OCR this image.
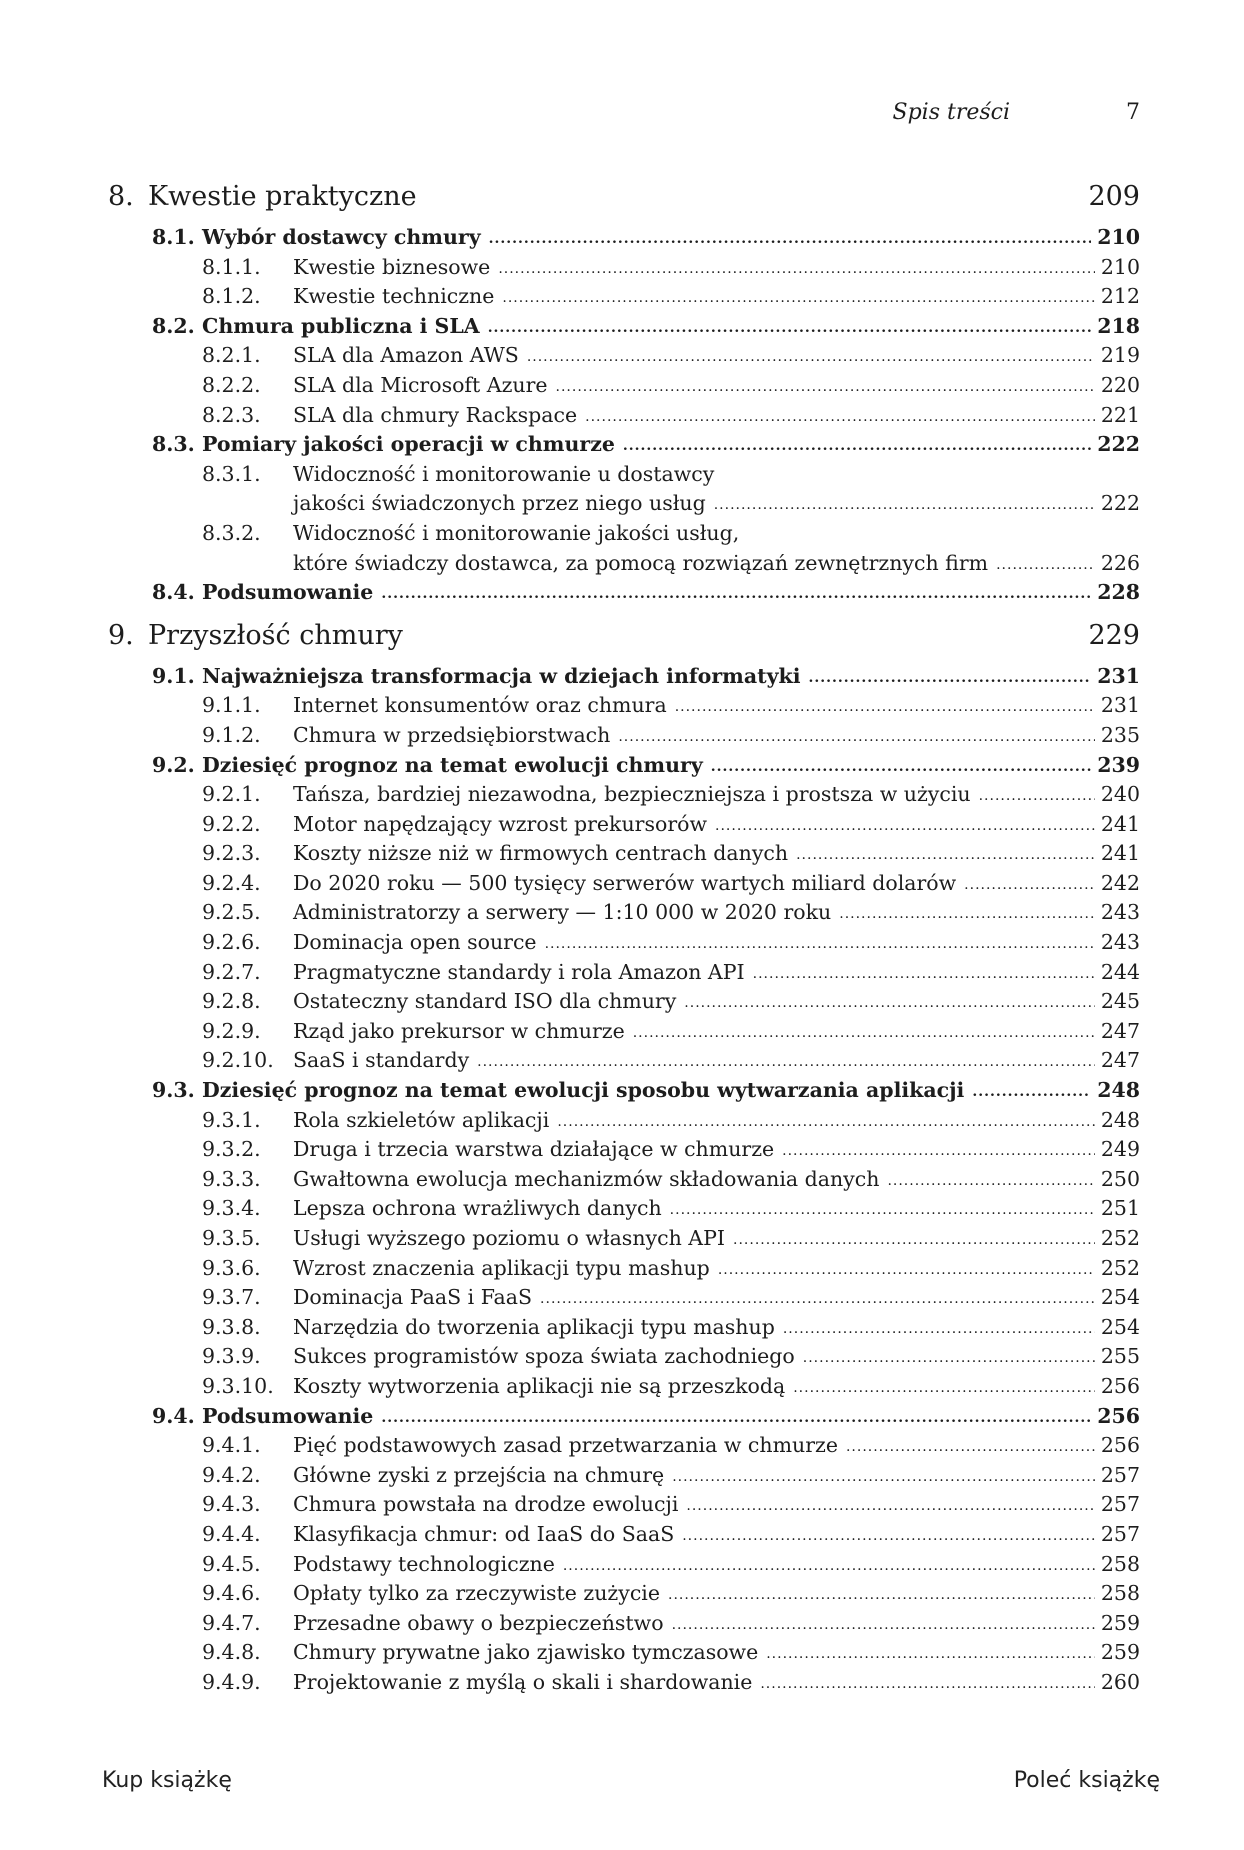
Spis treści	7
8. Kwestie praktyczne	209
8.1. Wybór dostawcy chmury .....	210
8.1.1.	Kwestie biznesowe .....	210
8.1.2.	Kwestie techniczne .....	212
8.2. Chmura publiczna i SLA .....	218
8.2.1.	SLA dla Amazon AWS .....	219
8.2.2.	SLA dla Microsoft Azure .....	220
8.2.3.	SLA dla chmury Rackspace .....	221
8.3. Pomiary jakości operacji w chmurze .....	222
8.3.1.	Widoczność i monitorowanie u dostawcy
jakości świadczonych przez niego usług .....	222
8.3.2.	Widoczność i monitorowanie jakości usług,
które świadczy dostawca, za pomocą rozwiązań zewnętrznych firm .....	226
8.4. Podsumowanie .....	228
9. Przyszłość chmury	229
9.1. Najważniejsza transformacja w dziejach informatyki .....	231
9.1.1.	Internet konsumentów oraz chmura .....	231
9.1.2.	Chmura w przedsiębiorstwach .....	235
9.2. Dziesięć prognoz na temat ewolucji chmury .....	239
9.2.1.	Tańsza, bardziej niezawodna, bezpieczniejsza i prostsza w użyciu .....	240
9.2.2.	Motor napędzający wzrost prekursorów .....	241
9.2.3.	Koszty niższe niż w firmowych centrach danych .....	241
9.2.4.	Do 2020 roku — 500 tysięcy serwerów wartych miliard dolarów .....	242
9.2.5.	Administratorzy a serwery — 1:10 000 w 2020 roku .....	243
9.2.6.	Dominacja open source .....	243
9.2.7.	Pragmatyczne standardy i rola Amazon API .....	244
9.2.8.	Ostateczny standard ISO dla chmury .....	245
9.2.9.	Rząd jako prekursor w chmurze .....	247
9.2.10. SaaS i standardy .....	247
9.3. Dziesięć prognoz na temat ewolucji sposobu wytwarzania aplikacji .....	248
9.3.1.	Rola szkieletów aplikacji .....	248
9.3.2.	Druga i trzecia warstwa działające w chmurze .....	249
9.3.3.	Gwałtowna ewolucja mechanizmów składowania danych .....	250
9.3.4.	Lepsza ochrona wrażliwych danych .....	251
9.3.5.	Usługi wyższego poziomu o własnych API .....	252
9.3.6.	Wzrost znaczenia aplikacji typu mashup .....	252
9.3.7.	Dominacja PaaS i FaaS .....	254
9.3.8.	Narzędzia do tworzenia aplikacji typu mashup .....	254
9.3.9.	Sukces programistów spoza świata zachodniego .....	255
9.3.10. Koszty wytworzenia aplikacji nie są przeszkodą .....	256
9.4. Podsumowanie .....	256
9.4.1.	Pięć podstawowych zasad przetwarzania w chmurze .....	256
9.4.2.	Główne zyski z przejścia na chmurę .....	257
9.4.3.	Chmura powstała na drodze ewolucji .....	257
9.4.4.	Klasyfikacja chmur: od IaaS do SaaS .....	257
9.4.5.	Podstawy technologiczne .....	258
9.4.6.	Opłaty tylko za rzeczywiste zużycie .....	258
9.4.7.	Przesadne obawy o bezpieczeństwo .....	259
9.4.8.	Chmury prywatne jako zjawisko tymczasowe .....	259
9.4.9.	Projektowanie z myślą o skali i shardowanie .....	260
Kup książkę	Poleć książkę
